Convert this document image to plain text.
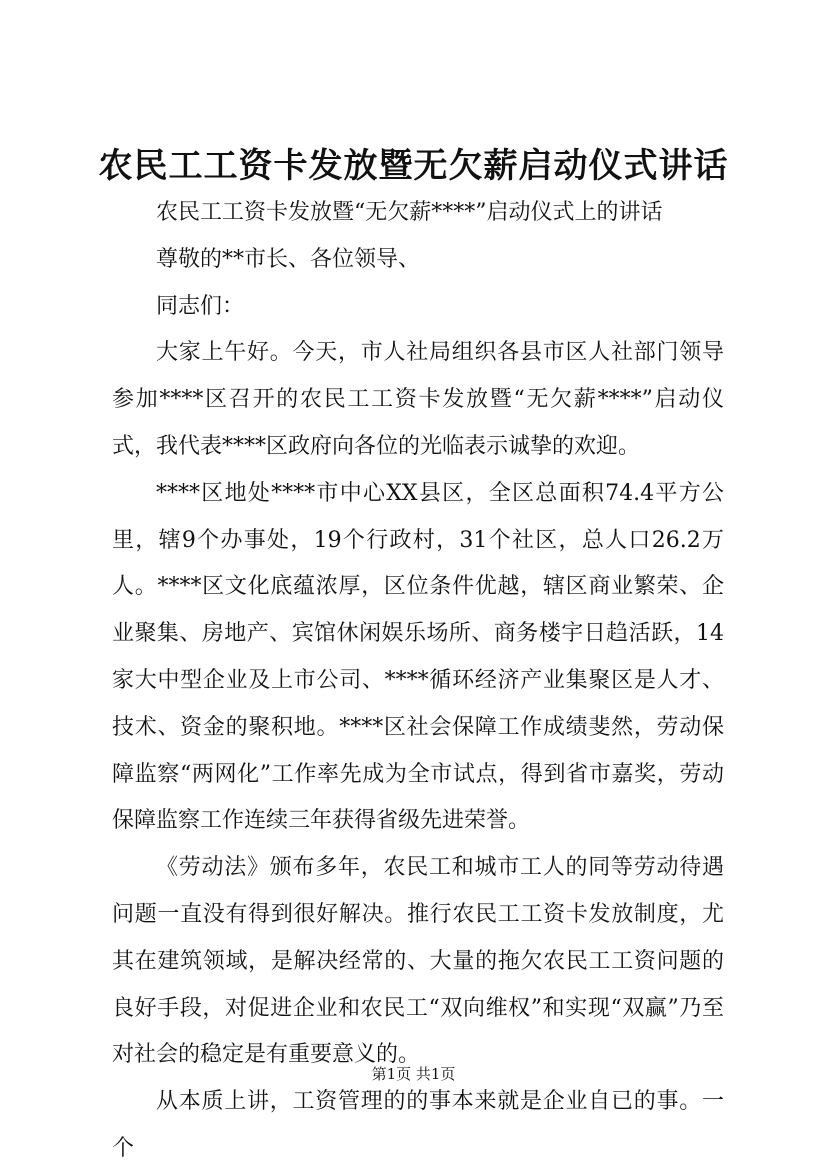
农民工工资卡发放暨无欠薪启动仪式讲话

农民工工资卡发放暨“无欠薪****”启动仪式上的讲话

尊敬的**市长、各位领导、

同志们：

大家上午好。今天，市人社局组织各县市区人社部门领导参加****区召开的农民工工资卡发放暨“无欠薪****”启动仪式，我代表****区政府向各位的光临表示诚挚的欢迎。

****区地处****市中心XX县区，全区总面积74.4平方公里，辖9个办事处，19个行政村，31个社区，总人口26.2万人。****区文化底蕴浓厚，区位条件优越，辖区商业繁荣、企业聚集、房地产、宾馆休闲娱乐场所、商务楼宇日趋活跃，14家大中型企业及上市公司、****循环经济产业集聚区是人才、技术、资金的聚积地。****区社会保障工作成绩斐然，劳动保障监察“两网化”工作率先成为全市试点，得到省市嘉奖，劳动保障监察工作连续三年获得省级先进荣誉。

《劳动法》颁布多年，农民工和城市工人的同等劳动待遇问题一直没有得到很好解决。推行农民工工资卡发放制度，尤其在建筑领域，是解决经常的、大量的拖欠农民工工资问题的良好手段，对促进企业和农民工“双向维权”和实现“双赢”乃至对社会的稳定是有重要意义的。

从本质上讲，工资管理的的事本来就是企业自已的事。一个

第1页 共1页
